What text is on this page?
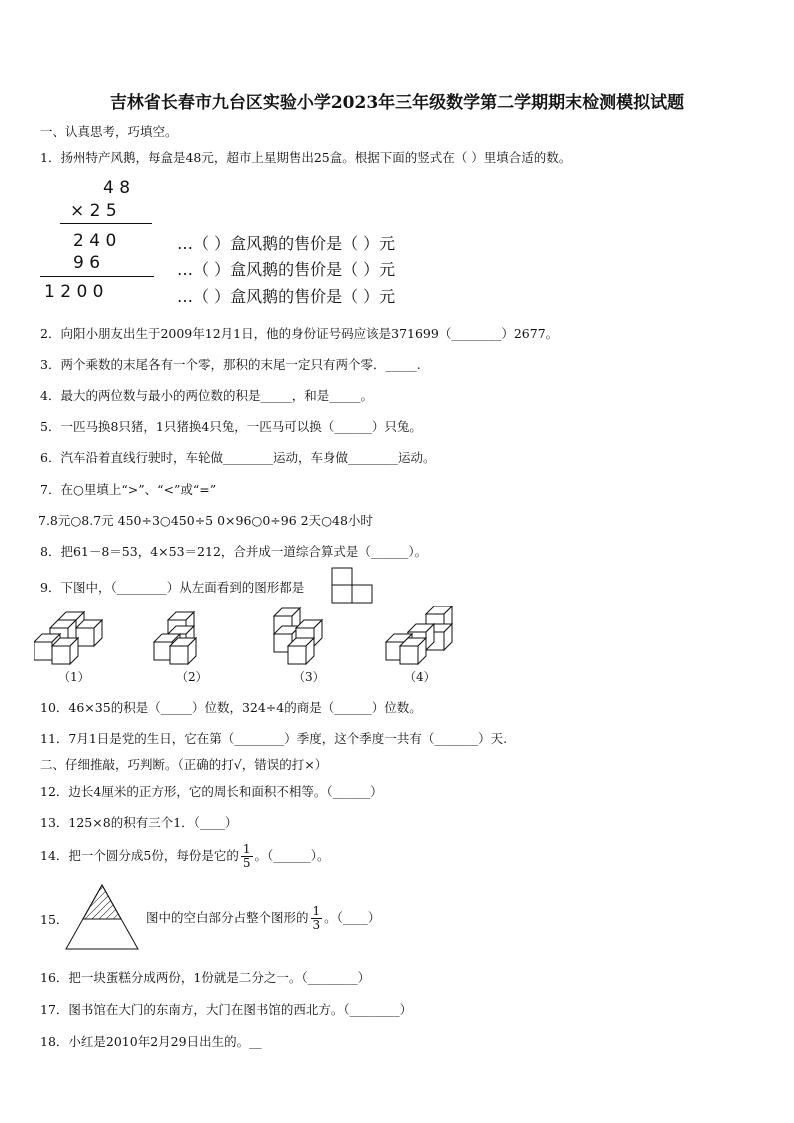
吉林省长春市九台区实验小学2023年三年级数学第二学期期末检测模拟试题
一、认真思考，巧填空。
1．扬州特产风鹅，每盒是48元，超市上星期售出25盒。根据下面的竖式在（ ）里填合适的数。
4 8
× 2 5
2 4 0
9 6
1 2 0 0
…（ ）盒风鹅的售价是（ ）元
…（ ）盒风鹅的售价是（ ）元
…（ ）盒风鹅的售价是（ ）元
2．向阳小朋友出生于2009年12月1日，他的身份证号码应该是371699（________）2677。
3．两个乘数的末尾各有一个零，那积的末尾一定只有两个零．_____.
4．最大的两位数与最小的两位数的积是_____，和是_____。
5．一匹马换8只猪，1只猪换4只兔，一匹马可以换（______）只兔。
6．汽车沿着直线行驶时，车轮做________运动，车身做________运动。
7．在○里填上“>”、“<”或“=”
7.8元○8.7元 450÷3○450÷5 0×96○0÷96 2天○48小时
8．把61－8＝53，4×53＝212，合并成一道综合算式是（______）。
9．下图中，（________）从左面看到的图形都是
（1）	（2）	（3）	（4）
10．46×35的积是（_____）位数，324÷4的商是（______）位数。
11．7月1日是党的生日，它在第（________）季度，这个季度一共有（_______）天.
二、仔细推敲，巧判断。（正确的打√，错误的打×）
12．边长4厘米的正方形，它的周长和面积不相等。（______）
13．125×8的积有三个1．（____）
14．把一个圆分成5份，每份是它的 $\frac{1}{5}$ 。（______）。
15．	图中的空白部分占整个图形的 $\frac{1}{3}$ 。（____）
16．把一块蛋糕分成两份，1份就是二分之一。（________）
17．图书馆在大门的东南方，大门在图书馆的西北方。（________）
18．小红是2010年2月29日出生的。__
